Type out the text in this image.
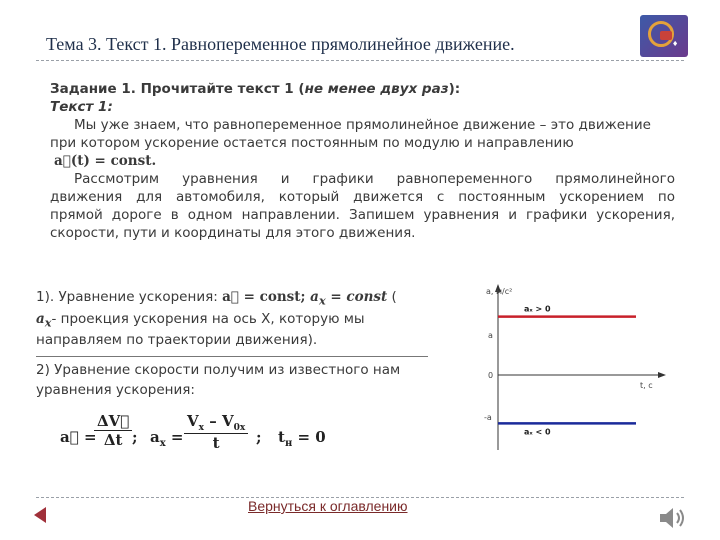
♦
Тема 3. Текст 1. Равнопеременное прямолинейное движение.

Задание 1. Прочитайте текст 1 (не менее двух раз):

Текст 1:

Мы уже знаем, что равнопеременное прямолинейное движение – это движение

при котором ускорение остается постоянным по модулю и направлению

a⃗(t) = const.

Рассмотрим уравнения и графики равнопеременного прямолинейного

движения для автомобиля, который движется с постоянным ускорением по

прямой дороге в одном направлении. Запишем уравнения и графики ускорения,

скорости, пути и координаты для этого движения.

1). Уравнение ускорения: a⃗ = const; $a_x$ = const (
$a_x-$ проекция ускорения на ось Х, которую мы
направляем по траектории движения).
2) Уравнение скорости получим из известного нам
уравнения ускорения:
a⃗ =
$\frac{\Delta V⃗}{\Delta t}$ ; $a_x = \frac{V_x - V_{0x}}{t}$ ; $t_н = 0$
a, м/с²
t, c
a
0
-a
aₓ > 0
aₓ < 0
Вернуться к оглавлению
